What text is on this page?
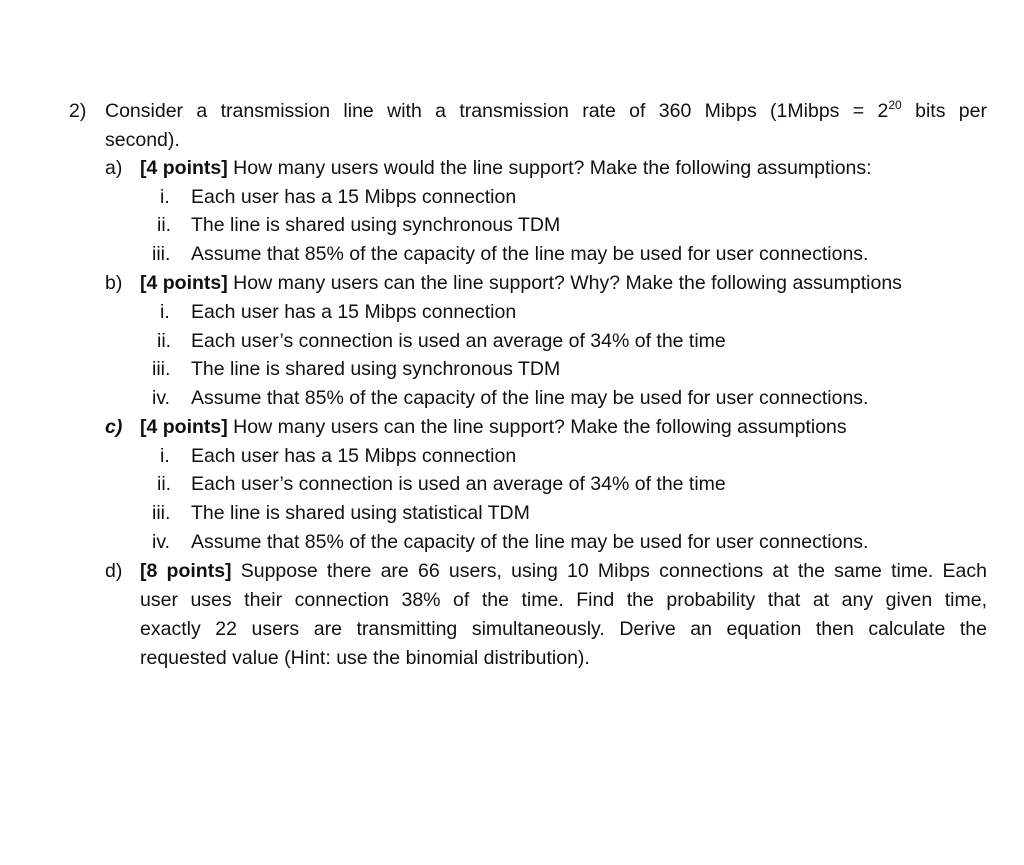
2) Consider a transmission line with a transmission rate of 360 Mibps (1Mibps = $2^{20}$ bits per
second).
a) [4 points] How many users would the line support? Make the following assumptions:
i. Each user has a 15 Mibps connection
ii. The line is shared using synchronous TDM
iii. Assume that 85% of the capacity of the line may be used for user connections.
b) [4 points] How many users can the line support? Why? Make the following assumptions
i. Each user has a 15 Mibps connection
ii. Each user’s connection is used an average of 34% of the time
iii. The line is shared using synchronous TDM
iv. Assume that 85% of the capacity of the line may be used for user connections.
c) [4 points] How many users can the line support? Make the following assumptions
i. Each user has a 15 Mibps connection
ii. Each user’s connection is used an average of 34% of the time
iii. The line is shared using statistical TDM
iv. Assume that 85% of the capacity of the line may be used for user connections.
d) [8 points] Suppose there are 66 users, using 10 Mibps connections at the same time. Each
user uses their connection 38% of the time. Find the probability that at any given time,
exactly 22 users are transmitting simultaneously. Derive an equation then calculate the
requested value (Hint: use the binomial distribution).
